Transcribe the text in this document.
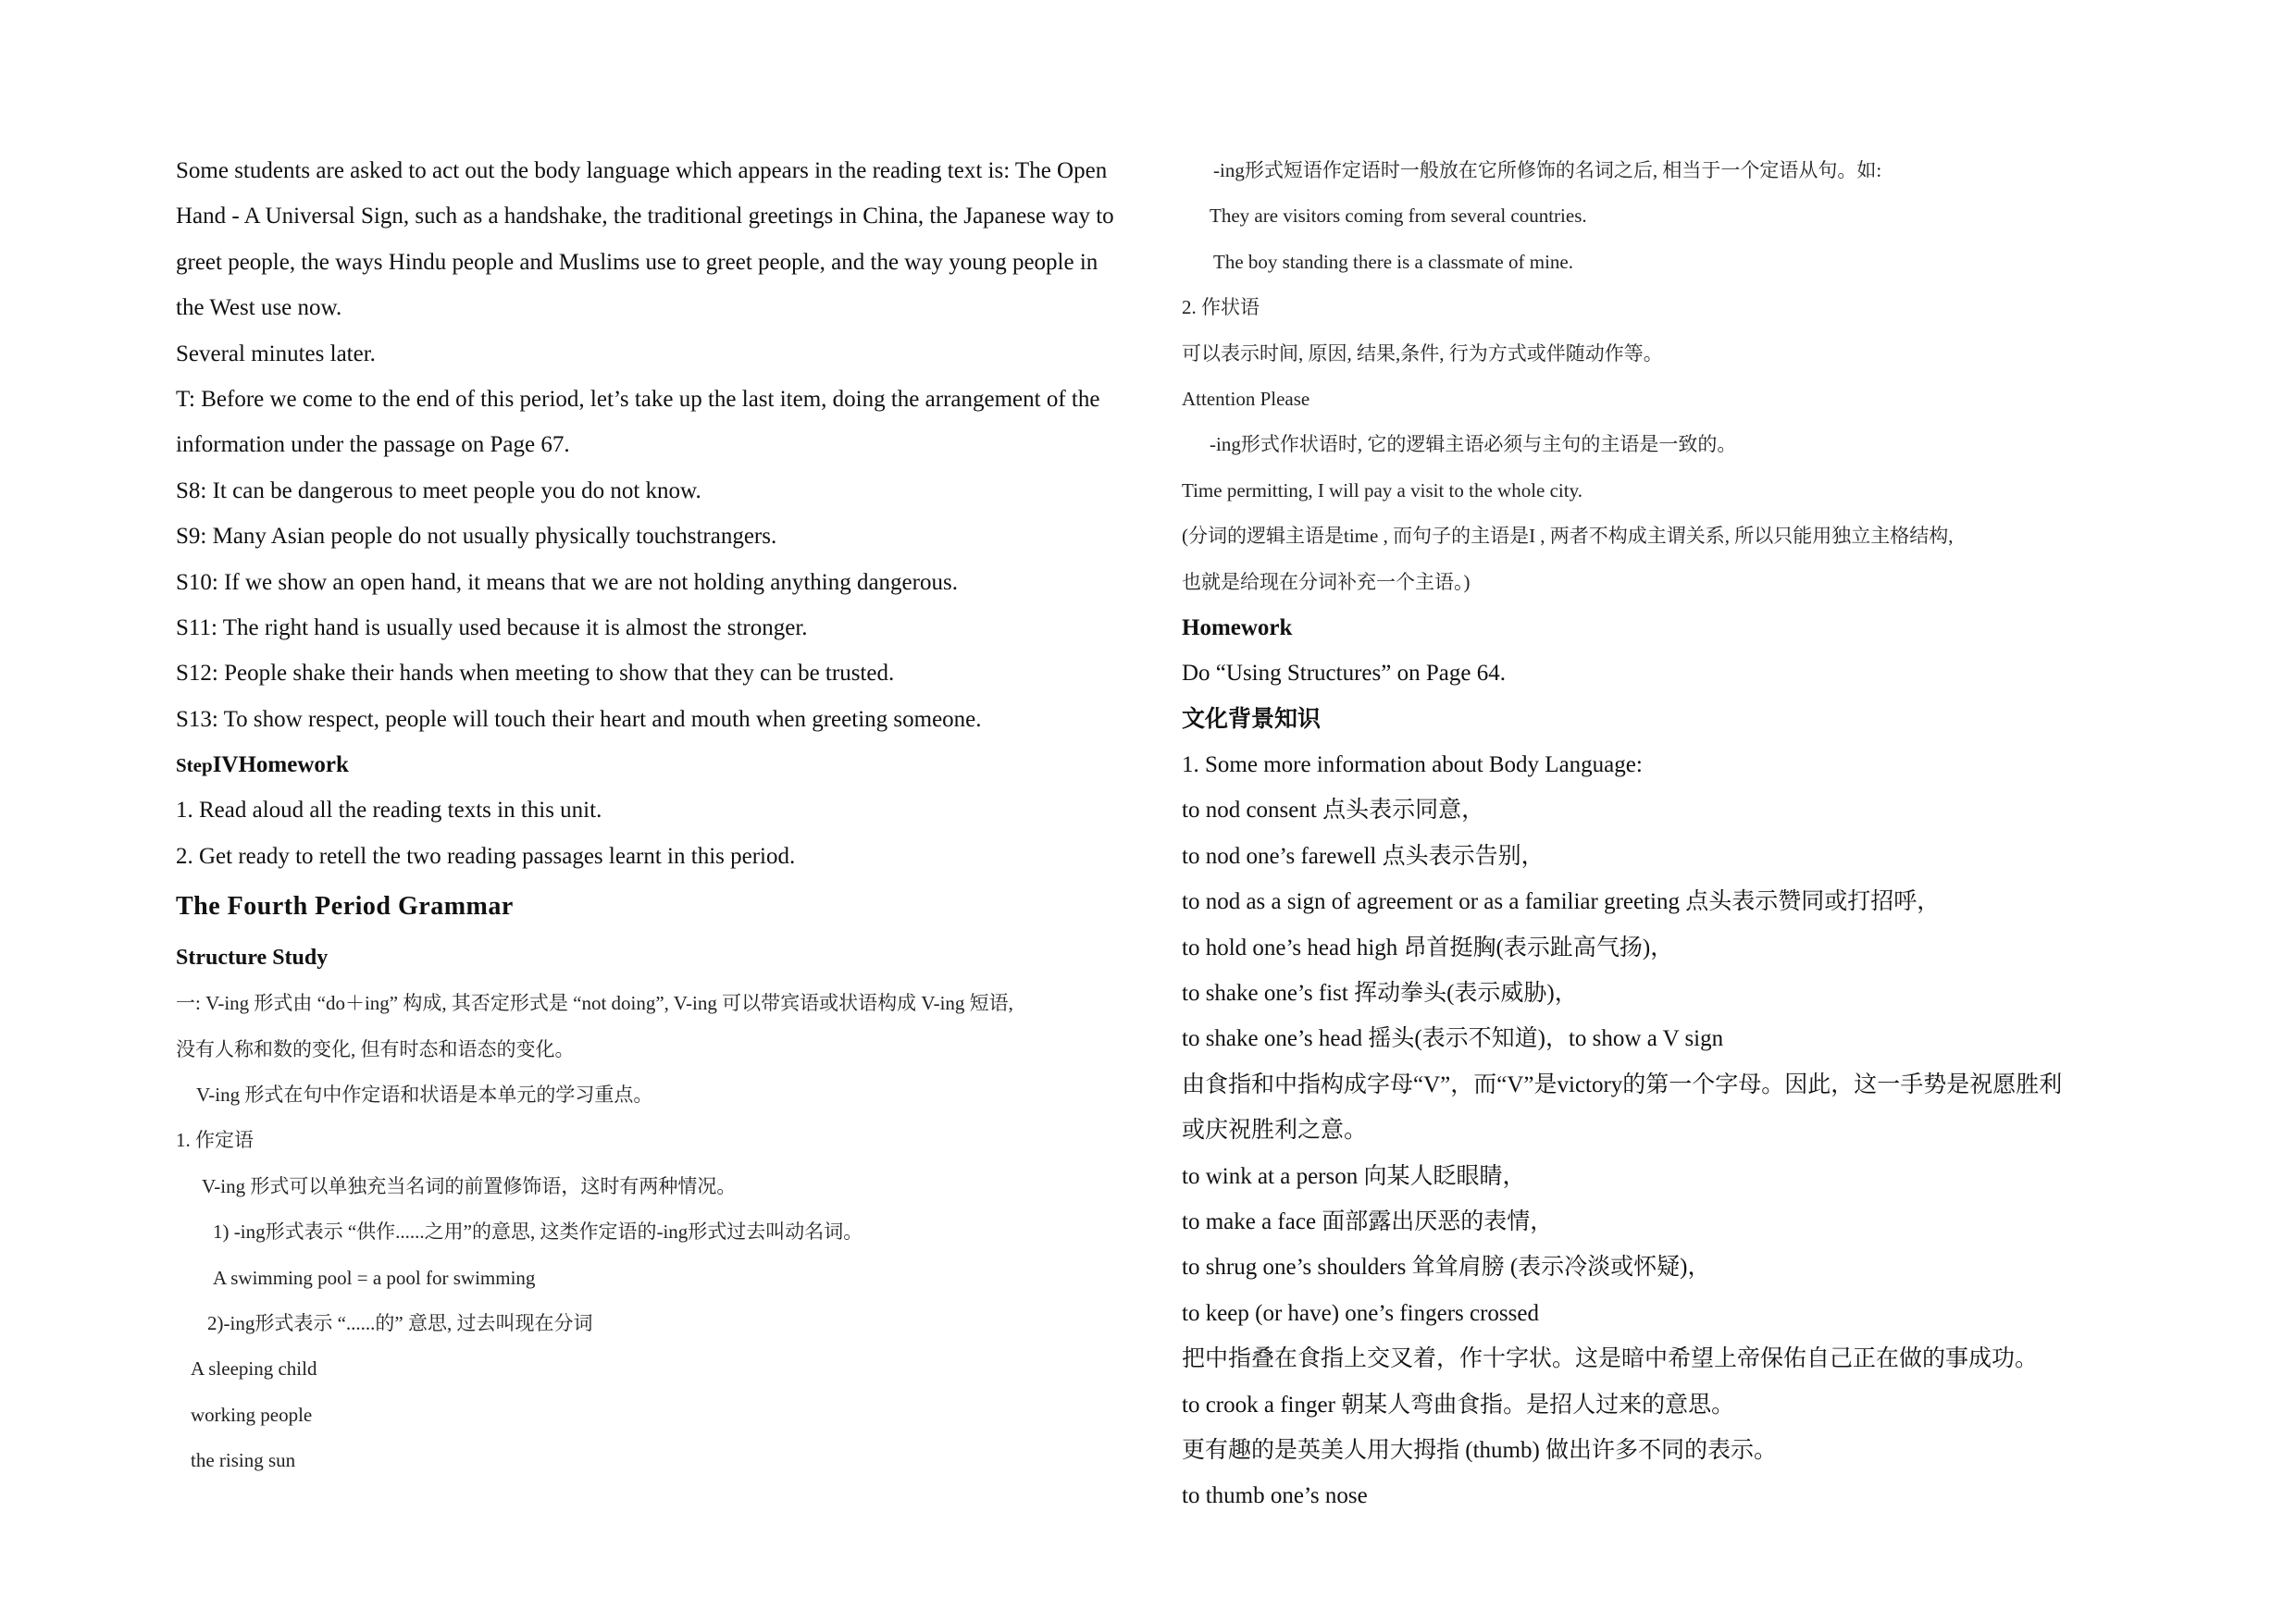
Some students are asked to act out the body language which appears in the reading text is: The Open
Hand - A Universal Sign, such as a handshake, the traditional greetings in China, the Japanese way to
greet people, the ways Hindu people and Muslims use to greet people, and the way young people in
the West use now.
Several minutes later.
T: Before we come to the end of this period, let’s take up the last item, doing the arrangement of the
information under the passage on Page 67.
S8: It can be dangerous to meet people you do not know.
S9: Many Asian people do not usually physically touchstrangers.
S10: If we show an open hand, it means that we are not holding anything dangerous.
S11: The right hand is usually used because it is almost the stronger.
S12: People shake their hands when meeting to show that they can be trusted.
S13: To show respect, people will touch their heart and mouth when greeting someone.
StepIVHomework
1. Read aloud all the reading texts in this unit.
2. Get ready to retell the two reading passages learnt in this period.
The Fourth Period Grammar
Structure Study
一: V-ing 形式由 “do＋ing” 构成, 其否定形式是 “not doing”, V-ing 可以带宾语或状语构成 V-ing 短语,
没有人称和数的变化, 但有时态和语态的变化。
V-ing 形式在句中作定语和状语是本单元的学习重点。
1. 作定语
V-ing 形式可以单独充当名词的前置修饰语，这时有两种情况。
1) -ing形式表示 “供作......之用”的意思, 这类作定语的-ing形式过去叫动名词。
A swimming pool = a pool for swimming
2)-ing形式表示 “......的” 意思, 过去叫现在分词
A sleeping child
working people
the rising sun
-ing形式短语作定语时一般放在它所修饰的名词之后, 相当于一个定语从句。如:
They are visitors coming from several countries.
The boy standing there is a classmate of mine.
2. 作状语
可以表示时间, 原因, 结果,条件, 行为方式或伴随动作等。
Attention Please
-ing形式作状语时, 它的逻辑主语必须与主句的主语是一致的。
Time permitting, I will pay a visit to the whole city.
(分词的逻辑主语是time , 而句子的主语是I , 两者不构成主谓关系, 所以只能用独立主格结构,
也就是给现在分词补充一个主语。)
Homework
Do “Using Structures” on Page 64.
文化背景知识
1. Some more information about Body Language:
to nod consent 点头表示同意，
to nod one’s farewell 点头表示告别，
to nod as a sign of agreement or as a familiar greeting 点头表示赞同或打招呼，
to hold one’s head high 昂首挺胸(表示趾高气扬)，
to shake one’s fist 挥动拳头(表示威胁)，
to shake one’s head 摇头(表示不知道)，to show a V sign
由食指和中指构成字母“V”，而“V”是victory的第一个字母。因此，这一手势是祝愿胜利
或庆祝胜利之意。
to wink at a person 向某人眨眼睛，
to make a face 面部露出厌恶的表情，
to shrug one’s shoulders 耸耸肩膀 (表示冷淡或怀疑)，
to keep (or have) one’s fingers crossed
把中指叠在食指上交叉着，作十字状。这是暗中希望上帝保佑自己正在做的事成功。
to crook a finger 朝某人弯曲食指。是招人过来的意思。
更有趣的是英美人用大拇指 (thumb) 做出许多不同的表示。
to thumb one’s nose
